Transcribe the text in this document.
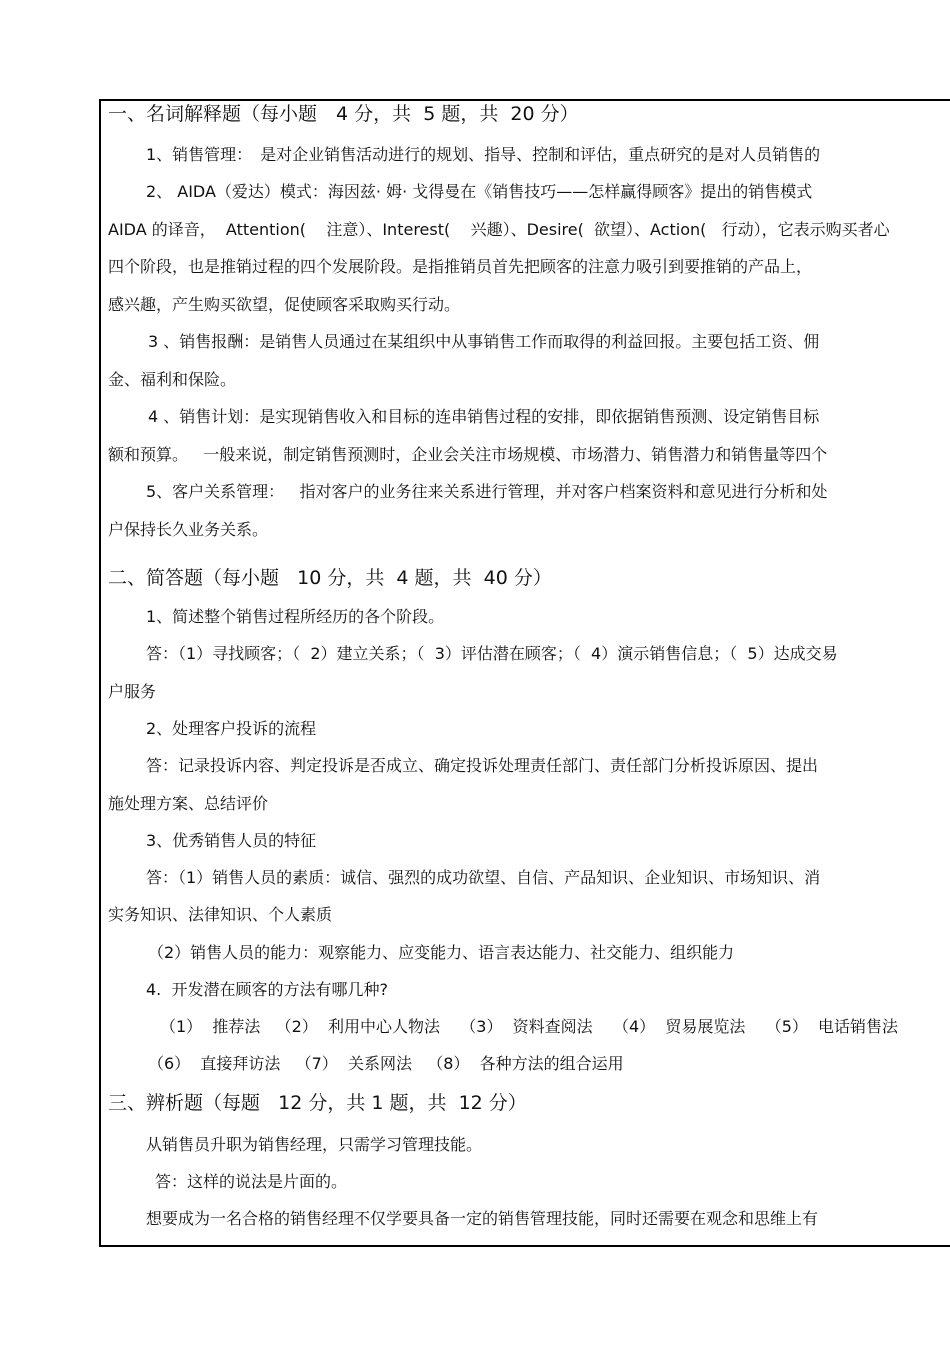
一、名词解释题（每小题　4 分，共  5 题，共  20 分）
1、销售管理：　是对企业销售活动进行的规划、指导、控制和评估，重点研究的是对人员销售的
2、 AIDA（爱达）模式：海因兹· 姆· 戈得曼在《销售技巧——怎样赢得顾客》提出的销售模式
AIDA 的译音，  Attention(    注意）、Interest(    兴趣）、Desire(  欲望）、Action(   行动），它表示购买者心
四个阶段，也是推销过程的四个发展阶段。是指推销员首先把顾客的注意力吸引到要推销的产品上，
感兴趣，产生购买欲望，促使顾客采取购买行动。
3 、销售报酬：是销售人员通过在某组织中从事销售工作而取得的利益回报。主要包括工资、佣
金、福利和保险。
4 、销售计划：是实现销售收入和目标的连串销售过程的安排，即依据销售预测、设定销售目标
额和预算。   一般来说，制定销售预测时，企业会关注市场规模、市场潜力、销售潜力和销售量等四个
5、客户关系管理：   指对客户的业务往来关系进行管理，并对客户档案资料和意见进行分析和处
户保持长久业务关系。
二、简答题（每小题   10 分，共  4 题，共  40 分）
1、简述整个销售过程所经历的各个阶段。
答：（1）寻找顾客；（  2）建立关系；（  3）评估潜在顾客；（  4）演示销售信息；（  5）达成交易
户服务
2、处理客户投诉的流程
答：记录投诉内容、判定投诉是否成立、确定投诉处理责任部门、责任部门分析投诉原因、提出
施处理方案、总结评价
3、优秀销售人员的特征
答：（1）销售人员的素质：诚信、强烈的成功欲望、自信、产品知识、企业知识、市场知识、消
实务知识、法律知识、个人素质
（2）销售人员的能力：观察能力、应变能力、语言表达能力、社交能力、组织能力
4.  开发潜在顾客的方法有哪几种?
（1）  推荐法   （2）  利用中心人物法    （3）  资料查阅法    （4）  贸易展览法    （5）  电话销售法
（6）  直接拜访法   （7）  关系网法   （8）  各种方法的组合运用
三、辨析题（每题   12 分，共 1 题，共  12 分）
从销售员升职为销售经理，只需学习管理技能。
答：这样的说法是片面的。
想要成为一名合格的销售经理不仅学要具备一定的销售管理技能，同时还需要在观念和思维上有
